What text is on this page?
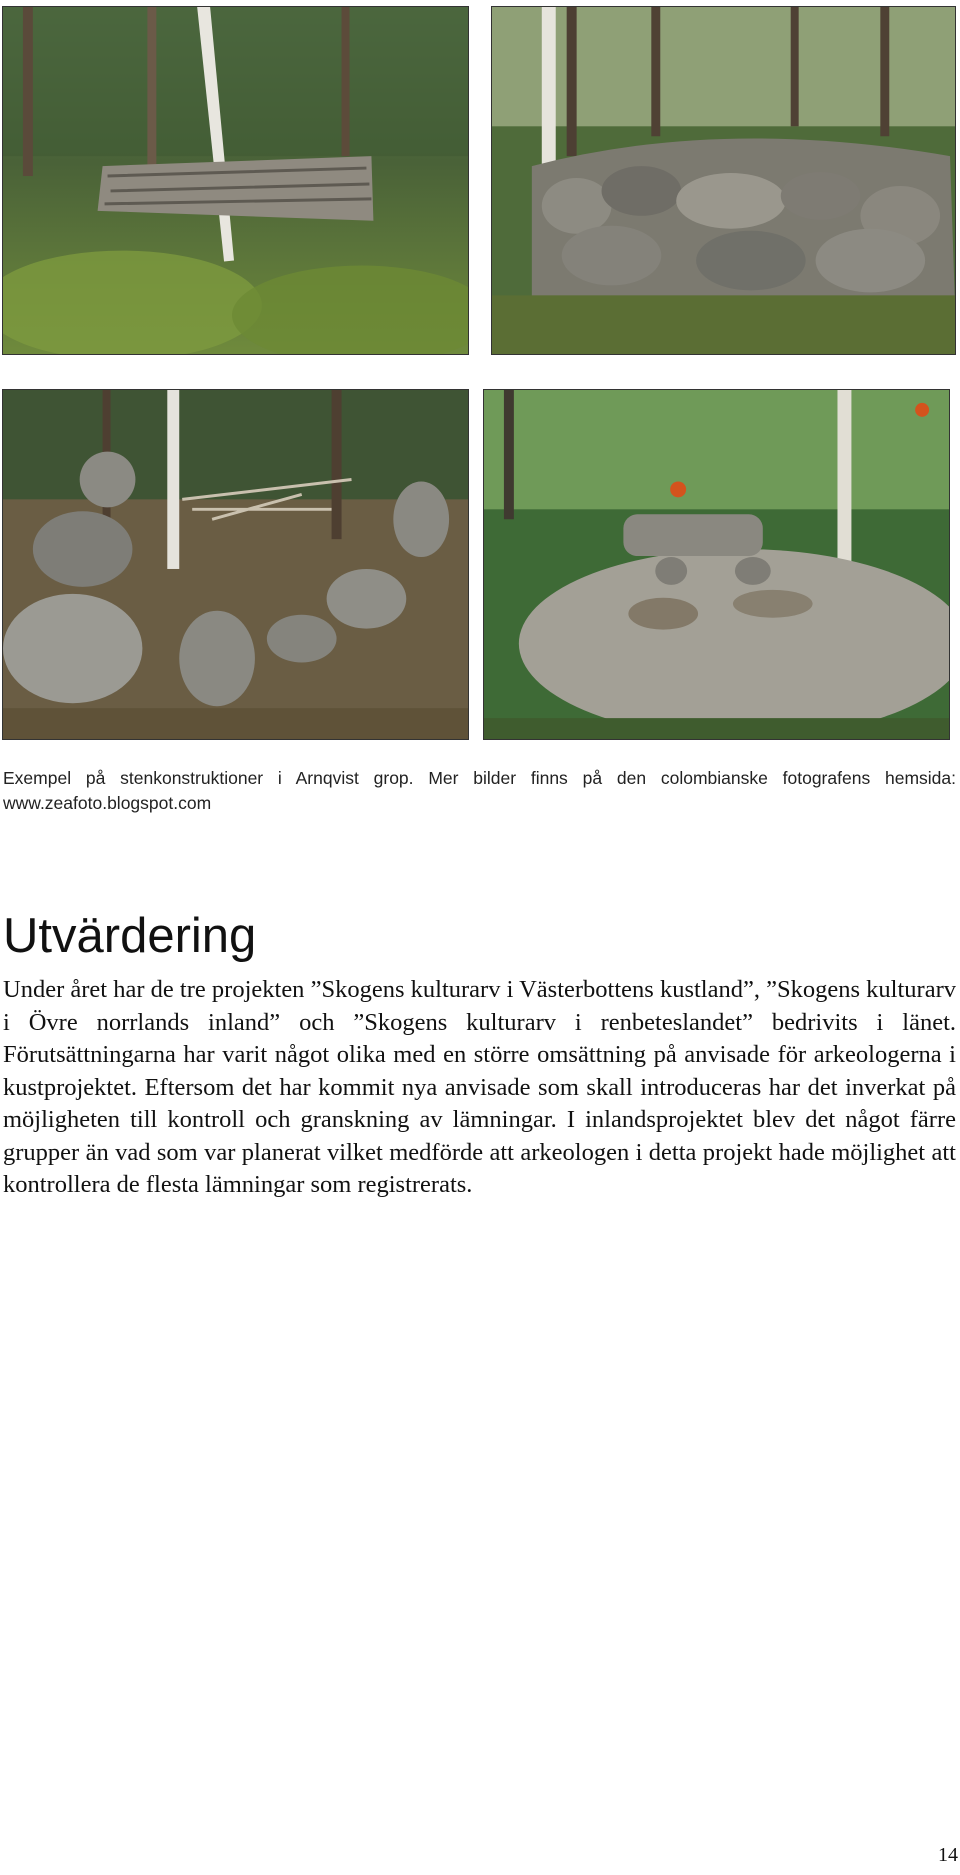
Exempel på stenkonstruktioner i Arnqvist grop. Mer bilder finns på den colombianske fotografens hemsida: www.zeafoto.blogspot.com
Utvärdering

Under året har de tre projekten ”Skogens kulturarv i Västerbottens kustland”, ”Skogens kulturarv i Övre norrlands inland” och ”Skogens kulturarv i renbeteslandet” bedrivits i länet. Förutsättningarna har varit något olika med en större omsättning på anvisade för arkeologerna i kustprojektet. Eftersom det har kommit nya anvisade som skall introduceras har det inverkat på möjligheten till kontroll och granskning av lämningar. I inlandsprojektet blev det något färre grupper än vad som var planerat vilket medförde att arkeologen i detta projekt hade möjlighet att kontrollera de flesta lämningar som registrerats.

14
